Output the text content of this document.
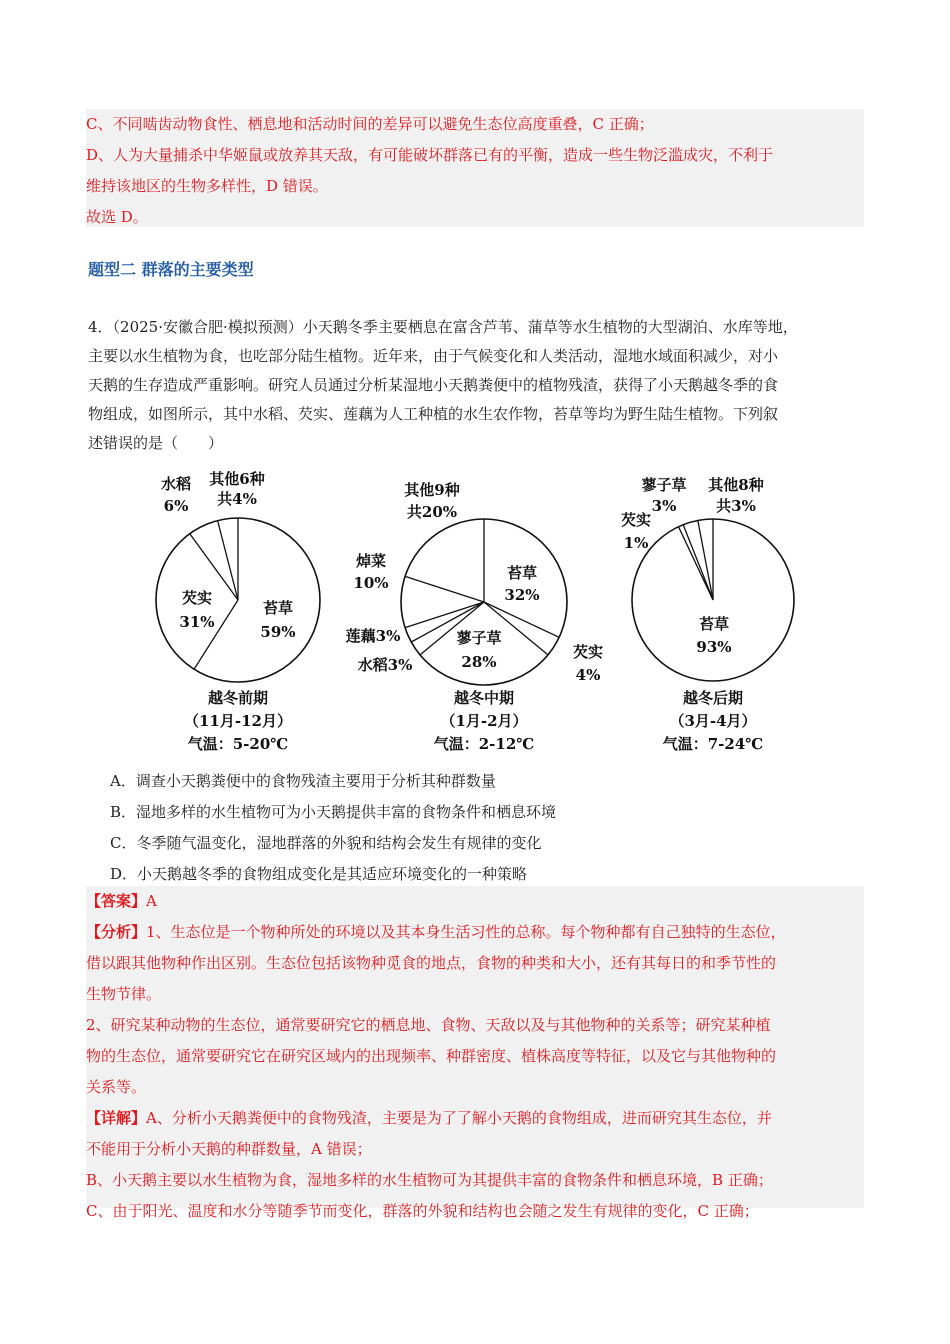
C、不同啮齿动物食性、栖息地和活动时间的差异可以避免生态位高度重叠，C 正确；

D、人为大量捕杀中华姬鼠或放养其天敌，有可能破坏群落已有的平衡，造成一些生物泛滥成灾，不利于

维持该地区的生物多样性，D 错误。

故选 D。

题型二 群落的主要类型
4．（2025·安徽合肥·模拟预测）小天鹅冬季主要栖息在富含芦苇、蒲草等水生植物的大型湖泊、水库等地，
主要以水生植物为食，也吃部分陆生植物。近年来，由于气候变化和人类活动，湿地水域面积减少，对小
天鹅的生存造成严重影响。研究人员通过分析某湿地小天鹅粪便中的植物残渣，获得了小天鹅越冬季的食
物组成，如图所示，其中水稻、芡实、莲藕为人工种植的水生农作物，苔草等均为野生陆生植物。下列叙
述错误的是（　　）
苔草
59%
芡实
31%
水稻
6%
其他6种
共4%
越冬前期
（11月-12月）
气温：5-20℃
苔草
32%
芡实
4%
蓼子草
28%
水稻3%
莲藕3%
焯菜
10%
其他9种
共20%
越冬中期
（1月-2月）
气温：2-12℃
苔草
93%
芡实
1%
蓼子草
3%
其他8种
共3%
越冬后期
（3月-4月）
气温：7-24℃
A．调查小天鹅粪便中的食物残渣主要用于分析其种群数量
B．湿地多样的水生植物可为小天鹅提供丰富的食物条件和栖息环境
C．冬季随气温变化，湿地群落的外貌和结构会发生有规律的变化
D．小天鹅越冬季的食物组成变化是其适应环境变化的一种策略

【答案】A

【分析】1、生态位是一个物种所处的环境以及其本身生活习性的总称。每个物种都有自己独特的生态位，

借以跟其他物种作出区别。生态位包括该物种觅食的地点，食物的种类和大小，还有其每日的和季节性的

生物节律。

2、研究某种动物的生态位，通常要研究它的栖息地、食物、天敌以及与其他物种的关系等；研究某种植

物的生态位，通常要研究它在研究区域内的出现频率、种群密度、植株高度等特征，以及它与其他物种的

关系等。

【详解】A、分析小天鹅粪便中的食物残渣，主要是为了了解小天鹅的食物组成，进而研究其生态位，并

不能用于分析小天鹅的种群数量，A 错误；

B、小天鹅主要以水生植物为食，湿地多样的水生植物可为其提供丰富的食物条件和栖息环境，B 正确；

C、由于阳光、温度和水分等随季节而变化，群落的外貌和结构也会随之发生有规律的变化，C 正确；
